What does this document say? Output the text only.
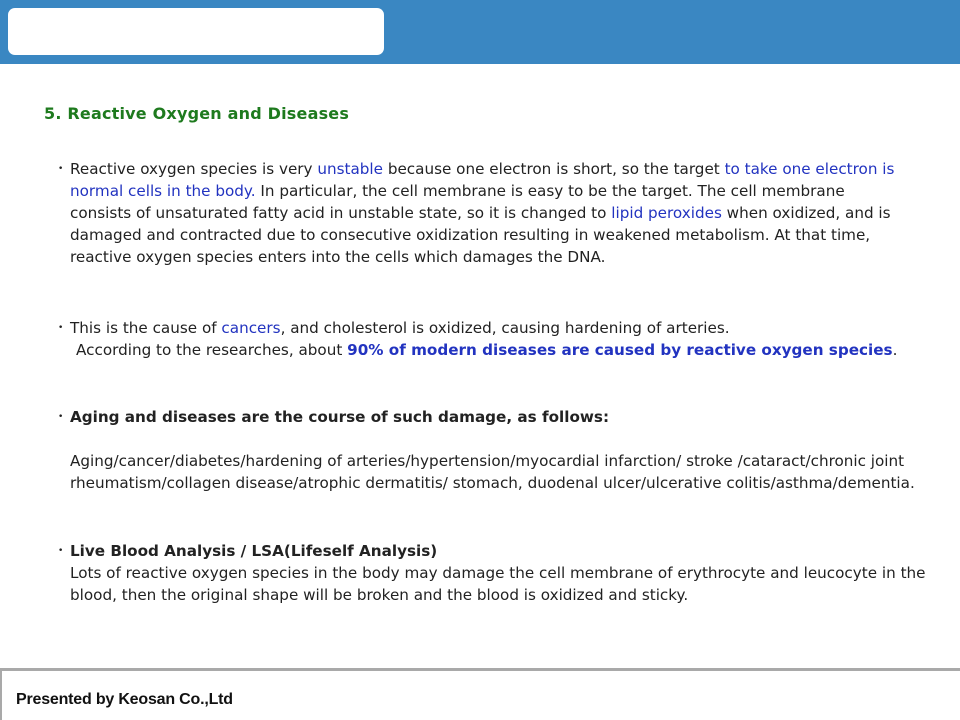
5. Reactive Oxygen and Diseases

• Reactive oxygen species is very unstable because one electron is short, so the target to take one electron is normal cells in the body. In particular, the cell membrane is easy to be the target. The cell membrane consists of unsaturated fatty acid in unstable state, so it is changed to lipid peroxides when oxidized, and is damaged and contracted due to consecutive oxidization resulting in weakened metabolism. At that time, reactive oxygen species enters into the cells which damages the DNA.

• This is the cause of cancers, and cholesterol is oxidized, causing hardening of arteries.
According to the researches, about 90% of modern diseases are caused by reactive oxygen species.

• Aging and diseases are the course of such damage, as follows:

Aging/cancer/diabetes/hardening of arteries/hypertension/myocardial infarction/ stroke /cataract/chronic joint rheumatism/collagen disease/atrophic dermatitis/ stomach, duodenal ulcer/ulcerative colitis/asthma/dementia.

• Live Blood Analysis / LSA(Lifeself Analysis)
Lots of reactive oxygen species in the body may damage the cell membrane of erythrocyte and leucocyte in the blood, then the original shape will be broken and the blood is oxidized and sticky.

Presented by Keosan Co.,Ltd
